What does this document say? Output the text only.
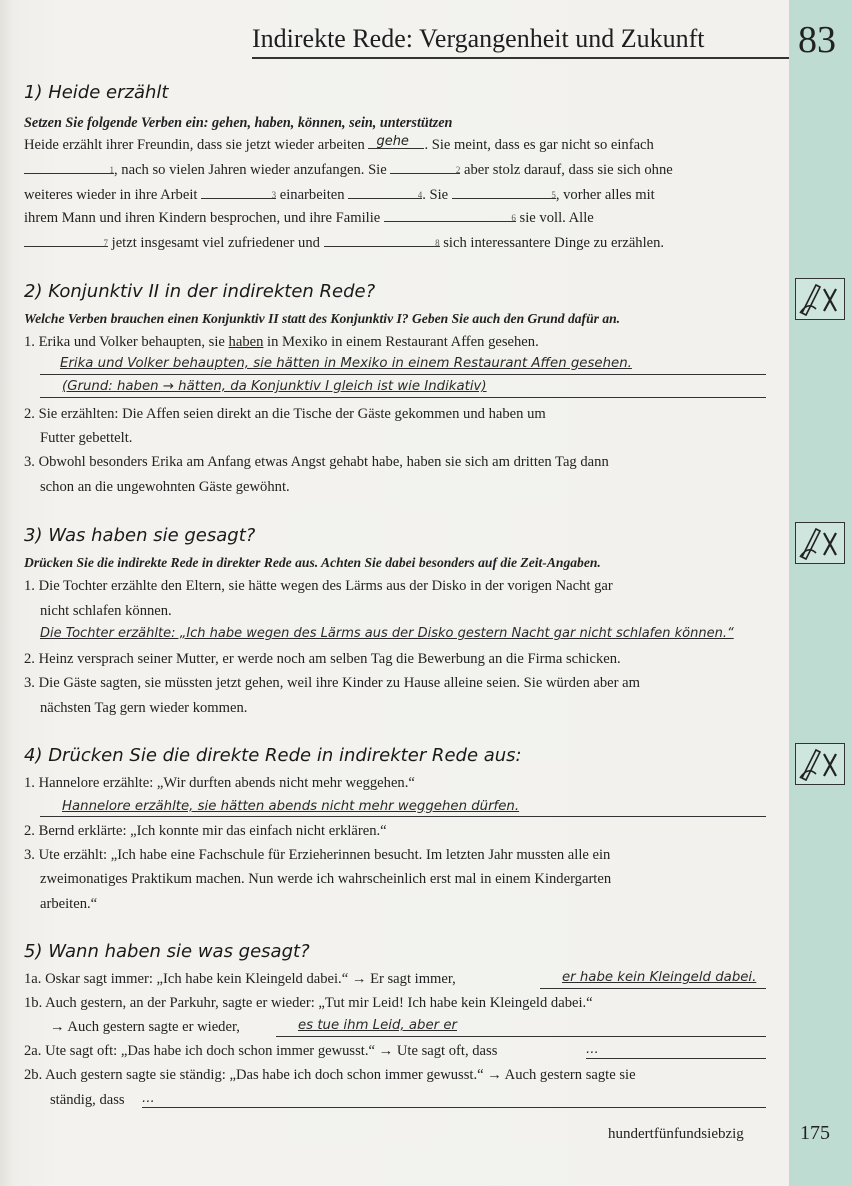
Indirekte Rede: Vergangenheit und Zukunft 83
1) Heide erzählt
Setzen Sie folgende Verben ein: gehen, haben, können, sein, unterstützen
Heide erzählt ihrer Freundin, dass sie jetzt wieder arbeiten gehe . Sie meint, dass es gar nicht so einfach
1 , nach so vielen Jahren wieder anzufangen. Sie	2 aber stolz darauf, dass sie sich ohne
weiteres wieder in ihre Arbeit	3 einarbeiten	4 . Sie	5 , vorher alles mit
ihrem Mann und ihren Kindern besprochen, und ihre Familie	6 sie voll. Alle
7 jetzt insgesamt viel zufriedener und	8 sich interessantere Dinge zu erzählen.
2) Konjunktiv II in der indirekten Rede?
Welche Verben brauchen einen Konjunktiv II statt des Konjunktiv I? Geben Sie auch den Grund dafür an.
1. Erika und Volker behaupten, sie haben in Mexiko in einem Restaurant Affen gesehen.
Erika und Volker behaupten, sie hätten in Mexiko in einem Restaurant Affen gesehen.
(Grund: haben → hätten, da Konjunktiv I gleich ist wie Indikativ)
2. Sie erzählten: Die Affen seien direkt an die Tische der Gäste gekommen und haben um
Futter gebettelt.
3. Obwohl besonders Erika am Anfang etwas Angst gehabt habe, haben sie sich am dritten Tag dann
schon an die ungewohnten Gäste gewöhnt.
3) Was haben sie gesagt?
Drücken Sie die indirekte Rede in direkter Rede aus. Achten Sie dabei besonders auf die Zeit-Angaben.
1. Die Tochter erzählte den Eltern, sie hätte wegen des Lärms aus der Disko in der vorigen Nacht gar
nicht schlafen können.
Die Tochter erzählte: „Ich habe wegen des Lärms aus der Disko gestern Nacht gar nicht schlafen können.“
2. Heinz versprach seiner Mutter, er werde noch am selben Tag die Bewerbung an die Firma schicken.
3. Die Gäste sagten, sie müssten jetzt gehen, weil ihre Kinder zu Hause alleine seien. Sie würden aber am
nächsten Tag gern wieder kommen.
4) Drücken Sie die direkte Rede in indirekter Rede aus:
1. Hannelore erzählte: „Wir durften abends nicht mehr weggehen.“
Hannelore erzählte, sie hätten abends nicht mehr weggehen dürfen.
2. Bernd erklärte: „Ich konnte mir das einfach nicht erklären.“
3. Ute erzählt: „Ich habe eine Fachschule für Erzieherinnen besucht. Im letzten Jahr mussten alle ein
zweimonatiges Praktikum machen. Nun werde ich wahrscheinlich erst mal in einem Kindergarten
arbeiten.“
5) Wann haben sie was gesagt?
1a. Oskar sagt immer: „Ich habe kein Kleingeld dabei.“ → Er sagt immer,	er habe kein Kleingeld dabei.
1b. Auch gestern, an der Parkuhr, sagte er wieder: „Tut mir Leid! Ich habe kein Kleingeld dabei.“
→ Auch gestern sagte er wieder,	es tue ihm Leid, aber er
2a. Ute sagt oft: „Das habe ich doch schon immer gewusst.“ → Ute sagt oft, dass	...
2b. Auch gestern sagte sie ständig: „Das habe ich doch schon immer gewusst.“ → Auch gestern sagte sie
ständig, dass ...
hundertfünfundsiebzig	175
